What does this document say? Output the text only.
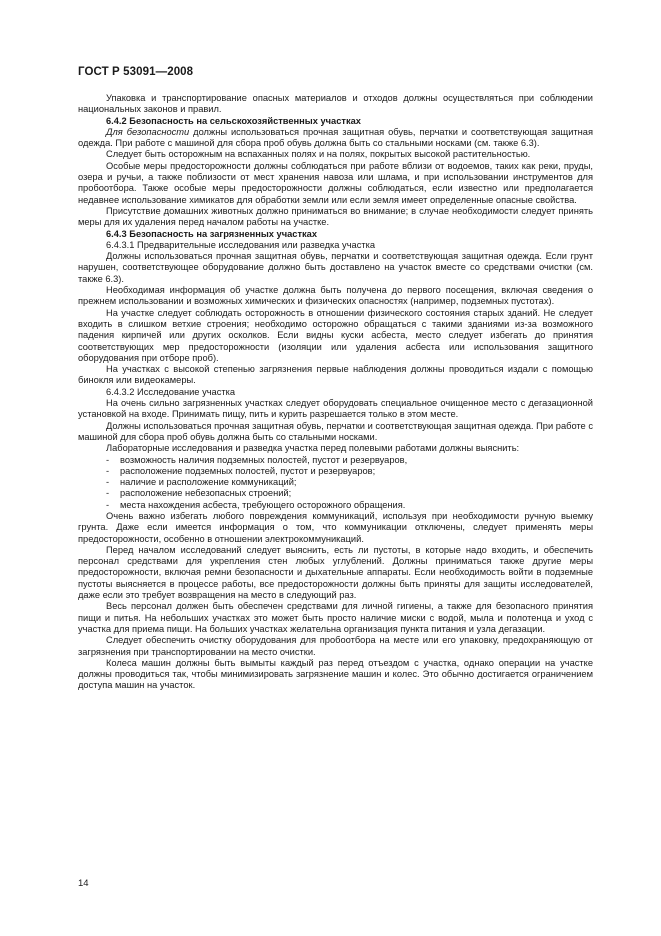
ГОСТ Р 53091—2008

Упаковка и транспортирование опасных материалов и отходов должны осуществляться при соблюдении национальных законов и правил.

6.4.2 Безопасность на сельскохозяйственных участках

Для безопасности должны использоваться прочная защитная обувь, перчатки и соответствующая защитная одежда. При работе с машиной для сбора проб обувь должна быть со стальными носками (см. также 6.3).

Следует быть осторожным на вспаханных полях и на полях, покрытых высокой растительностью.

Особые меры предосторожности должны соблюдаться при работе вблизи от водоемов, таких как реки, пруды, озера и ручьи, а также поблизости от мест хранения навоза или шлама, и при использовании инструментов для пробоотбора. Также особые меры предосторожности должны соблюдаться, если известно или предполагается недавнее использование химикатов для обработки земли или если земля имеет определенные опасные свойства.

Присутствие домашних животных должно приниматься во внимание; в случае необходимости следует принять меры для их удаления перед началом работы на участке.

6.4.3 Безопасность на загрязненных участках

6.4.3.1 Предварительные исследования или разведка участка

Должны использоваться прочная защитная обувь, перчатки и соответствующая защитная одежда. Если грунт нарушен, соответствующее оборудование должно быть доставлено на участок вместе со средствами очистки (см. также 6.3).

Необходимая информация об участке должна быть получена до первого посещения, включая сведения о прежнем использовании и возможных химических и физических опасностях (например, подземных пустотах).

На участке следует соблюдать осторожность в отношении физического состояния старых зданий. Не следует входить в слишком ветхие строения; необходимо осторожно обращаться с такими зданиями из-за возможного падения кирпичей или других осколков. Если видны куски асбеста, место следует избегать до принятия соответствующих мер предосторожности (изоляции или удаления асбеста или использования защитного оборудования при отборе проб).

На участках с высокой степенью загрязнения первые наблюдения должны проводиться издали с помощью бинокля или видеокамеры.

6.4.3.2 Исследование участка

На очень сильно загрязненных участках следует оборудовать специальное очищенное место с дегазационной установкой на входе. Принимать пищу, пить и курить разрешается только в этом месте.

Должны использоваться прочная защитная обувь, перчатки и соответствующая защитная одежда. При работе с машиной для сбора проб обувь должна быть со стальными носками.

Лабораторные исследования и разведка участка перед полевыми работами должны выяснить:

- возможность наличия подземных полостей, пустот и резервуаров,

- расположение подземных полостей, пустот и резервуаров;

- наличие и расположение коммуникаций;

- расположение небезопасных строений;

- места нахождения асбеста, требующего осторожного обращения.

Очень важно избегать любого повреждения коммуникаций, используя при необходимости ручную выемку грунта. Даже если имеется информация о том, что коммуникации отключены, следует применять меры предосторожности, особенно в отношении электрокоммуникаций.

Перед началом исследований следует выяснить, есть ли пустоты, в которые надо входить, и обеспечить персонал средствами для укрепления стен любых углублений. Должны приниматься также другие меры предосторожности, включая ремни безопасности и дыхательные аппараты. Если необходимость войти в подземные пустоты выясняется в процессе работы, все предосторожности должны быть приняты для защиты исследователей, даже если это требует возвращения на место в следующий раз.

Весь персонал должен быть обеспечен средствами для личной гигиены, а также для безопасного принятия пищи и питья. На небольших участках это может быть просто наличие миски с водой, мыла и полотенца и уход с участка для приема пищи. На больших участках желательна организация пункта питания и узла дегазации.

Следует обеспечить очистку оборудования для пробоотбора на месте или его упаковку, предохраняющую от загрязнения при транспортировании на место очистки.

Колеса машин должны быть вымыты каждый раз перед отъездом с участка, однако операции на участке должны проводиться так, чтобы минимизировать загрязнение машин и колес. Это обычно достигается ограничением доступа машин на участок.

14
